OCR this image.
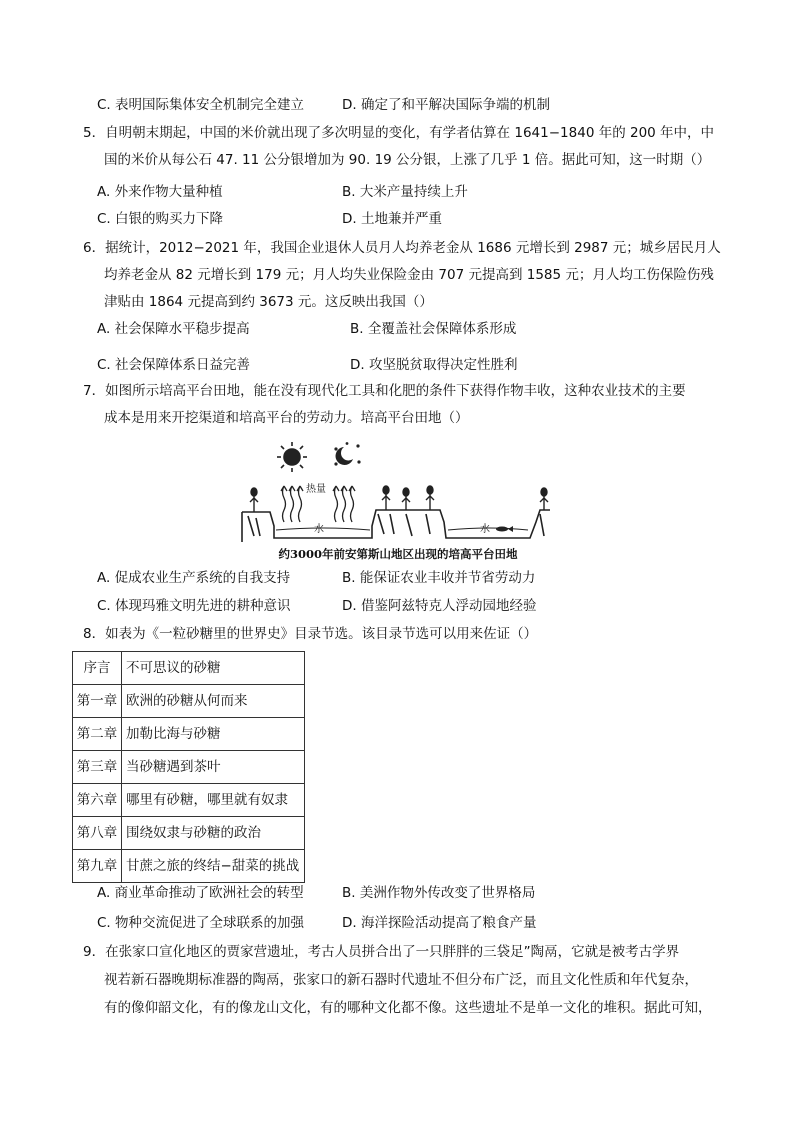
C. 表明国际集体安全机制完全建立	D. 确定了和平解决国际争端的机制
5．自明朝末期起，中国的米价就出现了多次明显的变化，有学者估算在 1641−1840 年的 200 年中，中
国的米价从每公石 47. 11 公分银增加为 90. 19 公分银，上涨了几乎 1 倍。据此可知，这一时期（）
A. 外来作物大量种植	B. 大米产量持续上升
C. 白银的购买力下降	D. 土地兼并严重
6．据统计，2012−2021 年，我国企业退休人员月人均养老金从 1686 元增长到 2987 元；城乡居民月人
均养老金从 82 元增长到 179 元；月人均失业保险金由 707 元提高到 1585 元；月人均工伤保险伤残
津贴由 1864 元提高到约 3673 元。这反映出我国（）
A. 社会保障水平稳步提高	B. 全覆盖社会保障体系形成
C. 社会保障体系日益完善	D. 攻坚脱贫取得决定性胜利
7．如图所示培高平台田地，能在没有现代化工具和化肥的条件下获得作物丰收，这种农业技术的主要
成本是用来开挖渠道和培高平台的劳动力。培高平台田地（）
热量
水	水
约3000年前安第斯山地区出现的培高平台田地
A. 促成农业生产系统的自我支持	B. 能保证农业丰收并节省劳动力
C. 体现玛雅文明先进的耕种意识	D. 借鉴阿兹特克人浮动园地经验
8．如表为《一粒砂糖里的世界史》目录节选。该目录节选可以用来佐证（）
序言	不可思议的砂糖
第一章	欧洲的砂糖从何而来
第二章	加勒比海与砂糖
第三章	当砂糖遇到茶叶
第六章	哪里有砂糖，哪里就有奴隶
第八章	围绕奴隶与砂糖的政治
第九章	甘蔗之旅的终结−甜菜的挑战
A. 商业革命推动了欧洲社会的转型	B. 美洲作物外传改变了世界格局
C. 物种交流促进了全球联系的加强	D. 海洋探险活动提高了粮食产量
9．在张家口宣化地区的贾家营遗址，考古人员拼合出了一只胖胖的三袋足”陶鬲，它就是被考古学界
视若新石器晚期标准器的陶鬲，张家口的新石器时代遗址不但分布广泛，而且文化性质和年代复杂，
有的像仰韶文化，有的像龙山文化，有的哪种文化都不像。这些遗址不是单一文化的堆积。据此可知，
